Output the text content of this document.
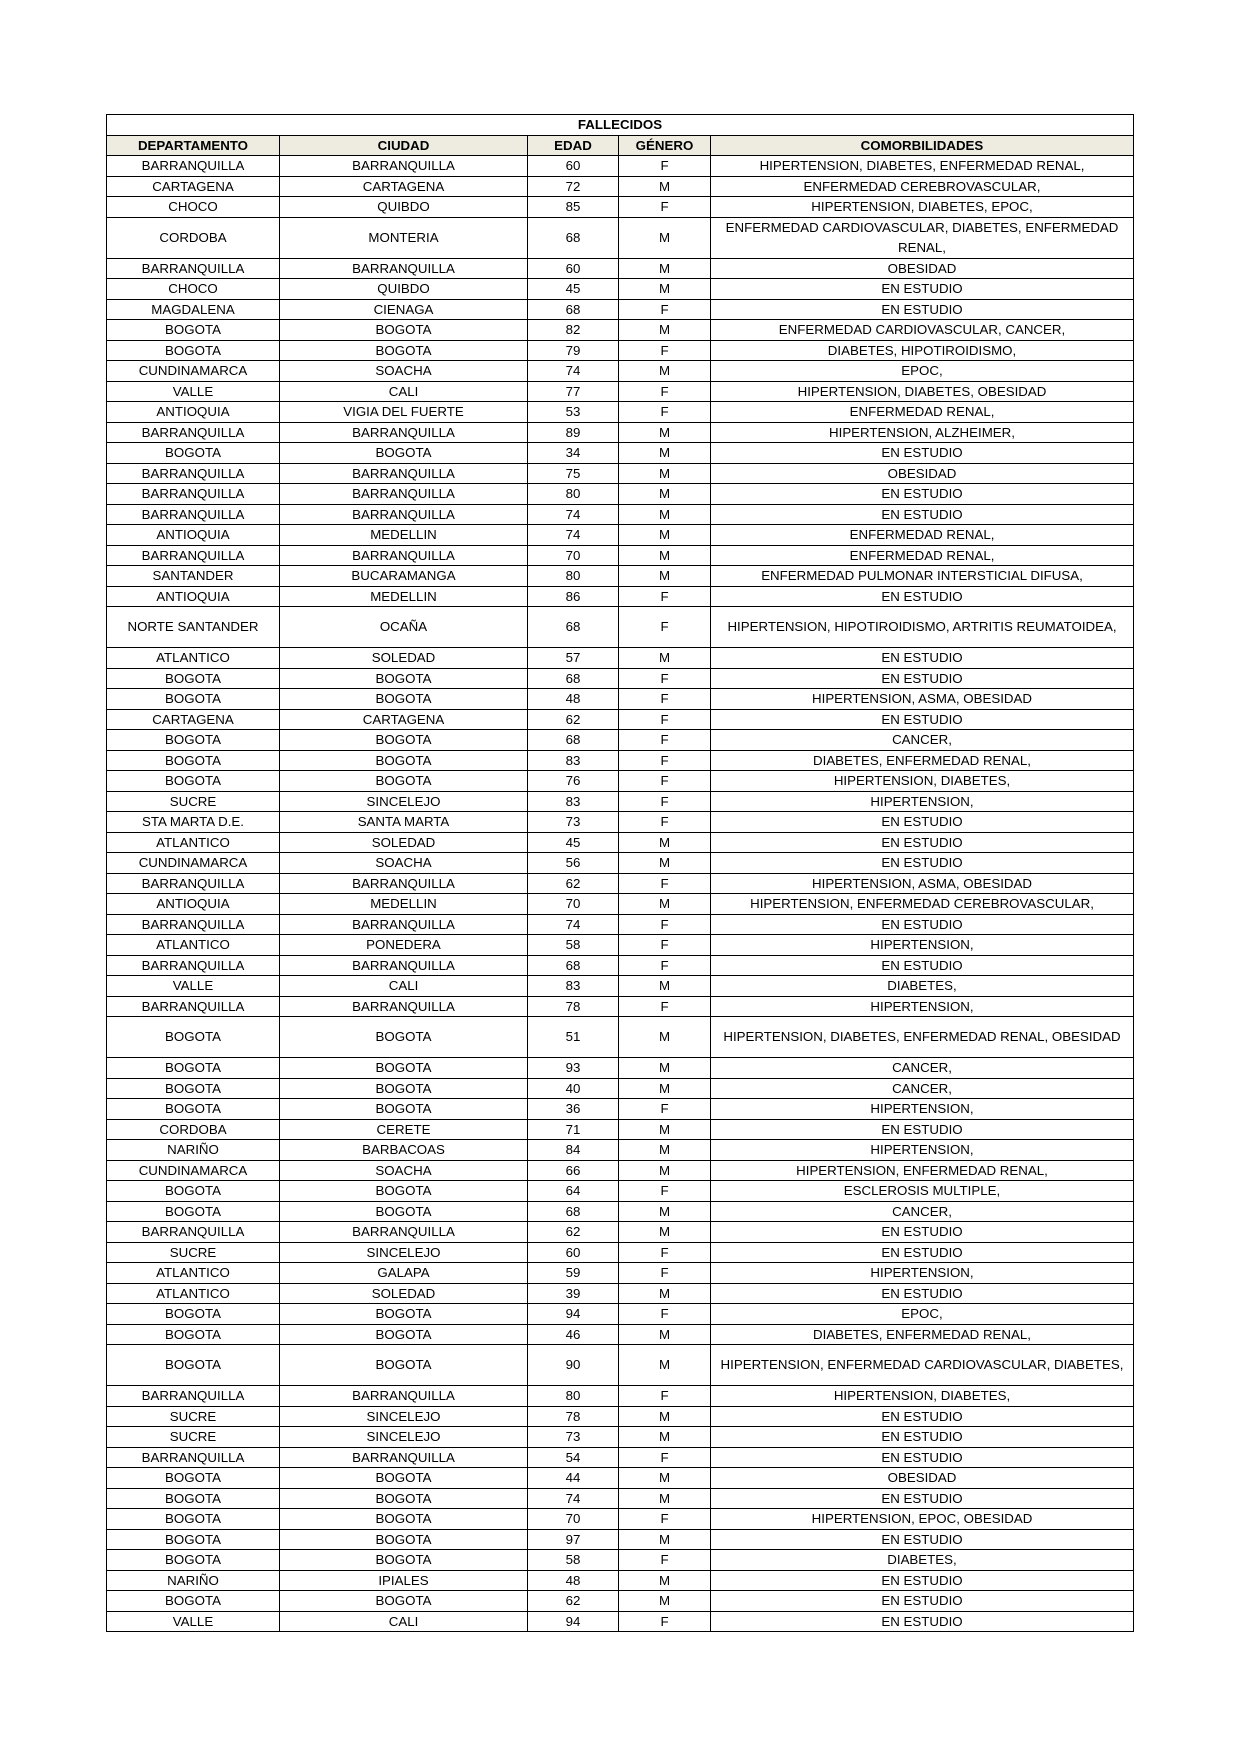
FALLECIDOS				
DEPARTAMENTO	CIUDAD	EDAD	GÉNERO	COMORBILIDADES
BARRANQUILLA	BARRANQUILLA	60	F	HIPERTENSION, DIABETES, ENFERMEDAD RENAL,
CARTAGENA	CARTAGENA	72	M	ENFERMEDAD CEREBROVASCULAR,
CHOCO	QUIBDO	85	F	HIPERTENSION, DIABETES, EPOC,
CORDOBA	MONTERIA	68	M	ENFERMEDAD CARDIOVASCULAR, DIABETES, ENFERMEDAD RENAL,
BARRANQUILLA	BARRANQUILLA	60	M	OBESIDAD
CHOCO	QUIBDO	45	M	EN ESTUDIO
MAGDALENA	CIENAGA	68	F	EN ESTUDIO
BOGOTA	BOGOTA	82	M	ENFERMEDAD CARDIOVASCULAR, CANCER,
BOGOTA	BOGOTA	79	F	DIABETES, HIPOTIROIDISMO,
CUNDINAMARCA	SOACHA	74	M	EPOC,
VALLE	CALI	77	F	HIPERTENSION, DIABETES, OBESIDAD
ANTIOQUIA	VIGIA DEL FUERTE	53	F	ENFERMEDAD RENAL,
BARRANQUILLA	BARRANQUILLA	89	M	HIPERTENSION, ALZHEIMER,
BOGOTA	BOGOTA	34	M	EN ESTUDIO
BARRANQUILLA	BARRANQUILLA	75	M	OBESIDAD
BARRANQUILLA	BARRANQUILLA	80	M	EN ESTUDIO
BARRANQUILLA	BARRANQUILLA	74	M	EN ESTUDIO
ANTIOQUIA	MEDELLIN	74	M	ENFERMEDAD RENAL,
BARRANQUILLA	BARRANQUILLA	70	M	ENFERMEDAD RENAL,
SANTANDER	BUCARAMANGA	80	M	ENFERMEDAD PULMONAR INTERSTICIAL DIFUSA,
ANTIOQUIA	MEDELLIN	86	F	EN ESTUDIO
NORTE SANTANDER	OCAÑA	68	F	HIPERTENSION, HIPOTIROIDISMO, ARTRITIS REUMATOIDEA,
ATLANTICO	SOLEDAD	57	M	EN ESTUDIO
BOGOTA	BOGOTA	68	F	EN ESTUDIO
BOGOTA	BOGOTA	48	F	HIPERTENSION, ASMA, OBESIDAD
CARTAGENA	CARTAGENA	62	F	EN ESTUDIO
BOGOTA	BOGOTA	68	F	CANCER,
BOGOTA	BOGOTA	83	F	DIABETES, ENFERMEDAD RENAL,
BOGOTA	BOGOTA	76	F	HIPERTENSION, DIABETES,
SUCRE	SINCELEJO	83	F	HIPERTENSION,
STA MARTA D.E.	SANTA MARTA	73	F	EN ESTUDIO
ATLANTICO	SOLEDAD	45	M	EN ESTUDIO
CUNDINAMARCA	SOACHA	56	M	EN ESTUDIO
BARRANQUILLA	BARRANQUILLA	62	F	HIPERTENSION, ASMA, OBESIDAD
ANTIOQUIA	MEDELLIN	70	M	HIPERTENSION, ENFERMEDAD CEREBROVASCULAR,
BARRANQUILLA	BARRANQUILLA	74	F	EN ESTUDIO
ATLANTICO	PONEDERA	58	F	HIPERTENSION,
BARRANQUILLA	BARRANQUILLA	68	F	EN ESTUDIO
VALLE	CALI	83	M	DIABETES,
BARRANQUILLA	BARRANQUILLA	78	F	HIPERTENSION,
BOGOTA	BOGOTA	51	M	HIPERTENSION, DIABETES, ENFERMEDAD RENAL, OBESIDAD
BOGOTA	BOGOTA	93	M	CANCER,
BOGOTA	BOGOTA	40	M	CANCER,
BOGOTA	BOGOTA	36	F	HIPERTENSION,
CORDOBA	CERETE	71	M	EN ESTUDIO
NARIÑO	BARBACOAS	84	M	HIPERTENSION,
CUNDINAMARCA	SOACHA	66	M	HIPERTENSION, ENFERMEDAD RENAL,
BOGOTA	BOGOTA	64	F	ESCLEROSIS MULTIPLE,
BOGOTA	BOGOTA	68	M	CANCER,
BARRANQUILLA	BARRANQUILLA	62	M	EN ESTUDIO
SUCRE	SINCELEJO	60	F	EN ESTUDIO
ATLANTICO	GALAPA	59	F	HIPERTENSION,
ATLANTICO	SOLEDAD	39	M	EN ESTUDIO
BOGOTA	BOGOTA	94	F	EPOC,
BOGOTA	BOGOTA	46	M	DIABETES, ENFERMEDAD RENAL,
BOGOTA	BOGOTA	90	M	HIPERTENSION, ENFERMEDAD CARDIOVASCULAR, DIABETES,
BARRANQUILLA	BARRANQUILLA	80	F	HIPERTENSION, DIABETES,
SUCRE	SINCELEJO	78	M	EN ESTUDIO
SUCRE	SINCELEJO	73	M	EN ESTUDIO
BARRANQUILLA	BARRANQUILLA	54	F	EN ESTUDIO
BOGOTA	BOGOTA	44	M	OBESIDAD
BOGOTA	BOGOTA	74	M	EN ESTUDIO
BOGOTA	BOGOTA	70	F	HIPERTENSION, EPOC, OBESIDAD
BOGOTA	BOGOTA	97	M	EN ESTUDIO
BOGOTA	BOGOTA	58	F	DIABETES,
NARIÑO	IPIALES	48	M	EN ESTUDIO
BOGOTA	BOGOTA	62	M	EN ESTUDIO
VALLE	CALI	94	F	EN ESTUDIO
